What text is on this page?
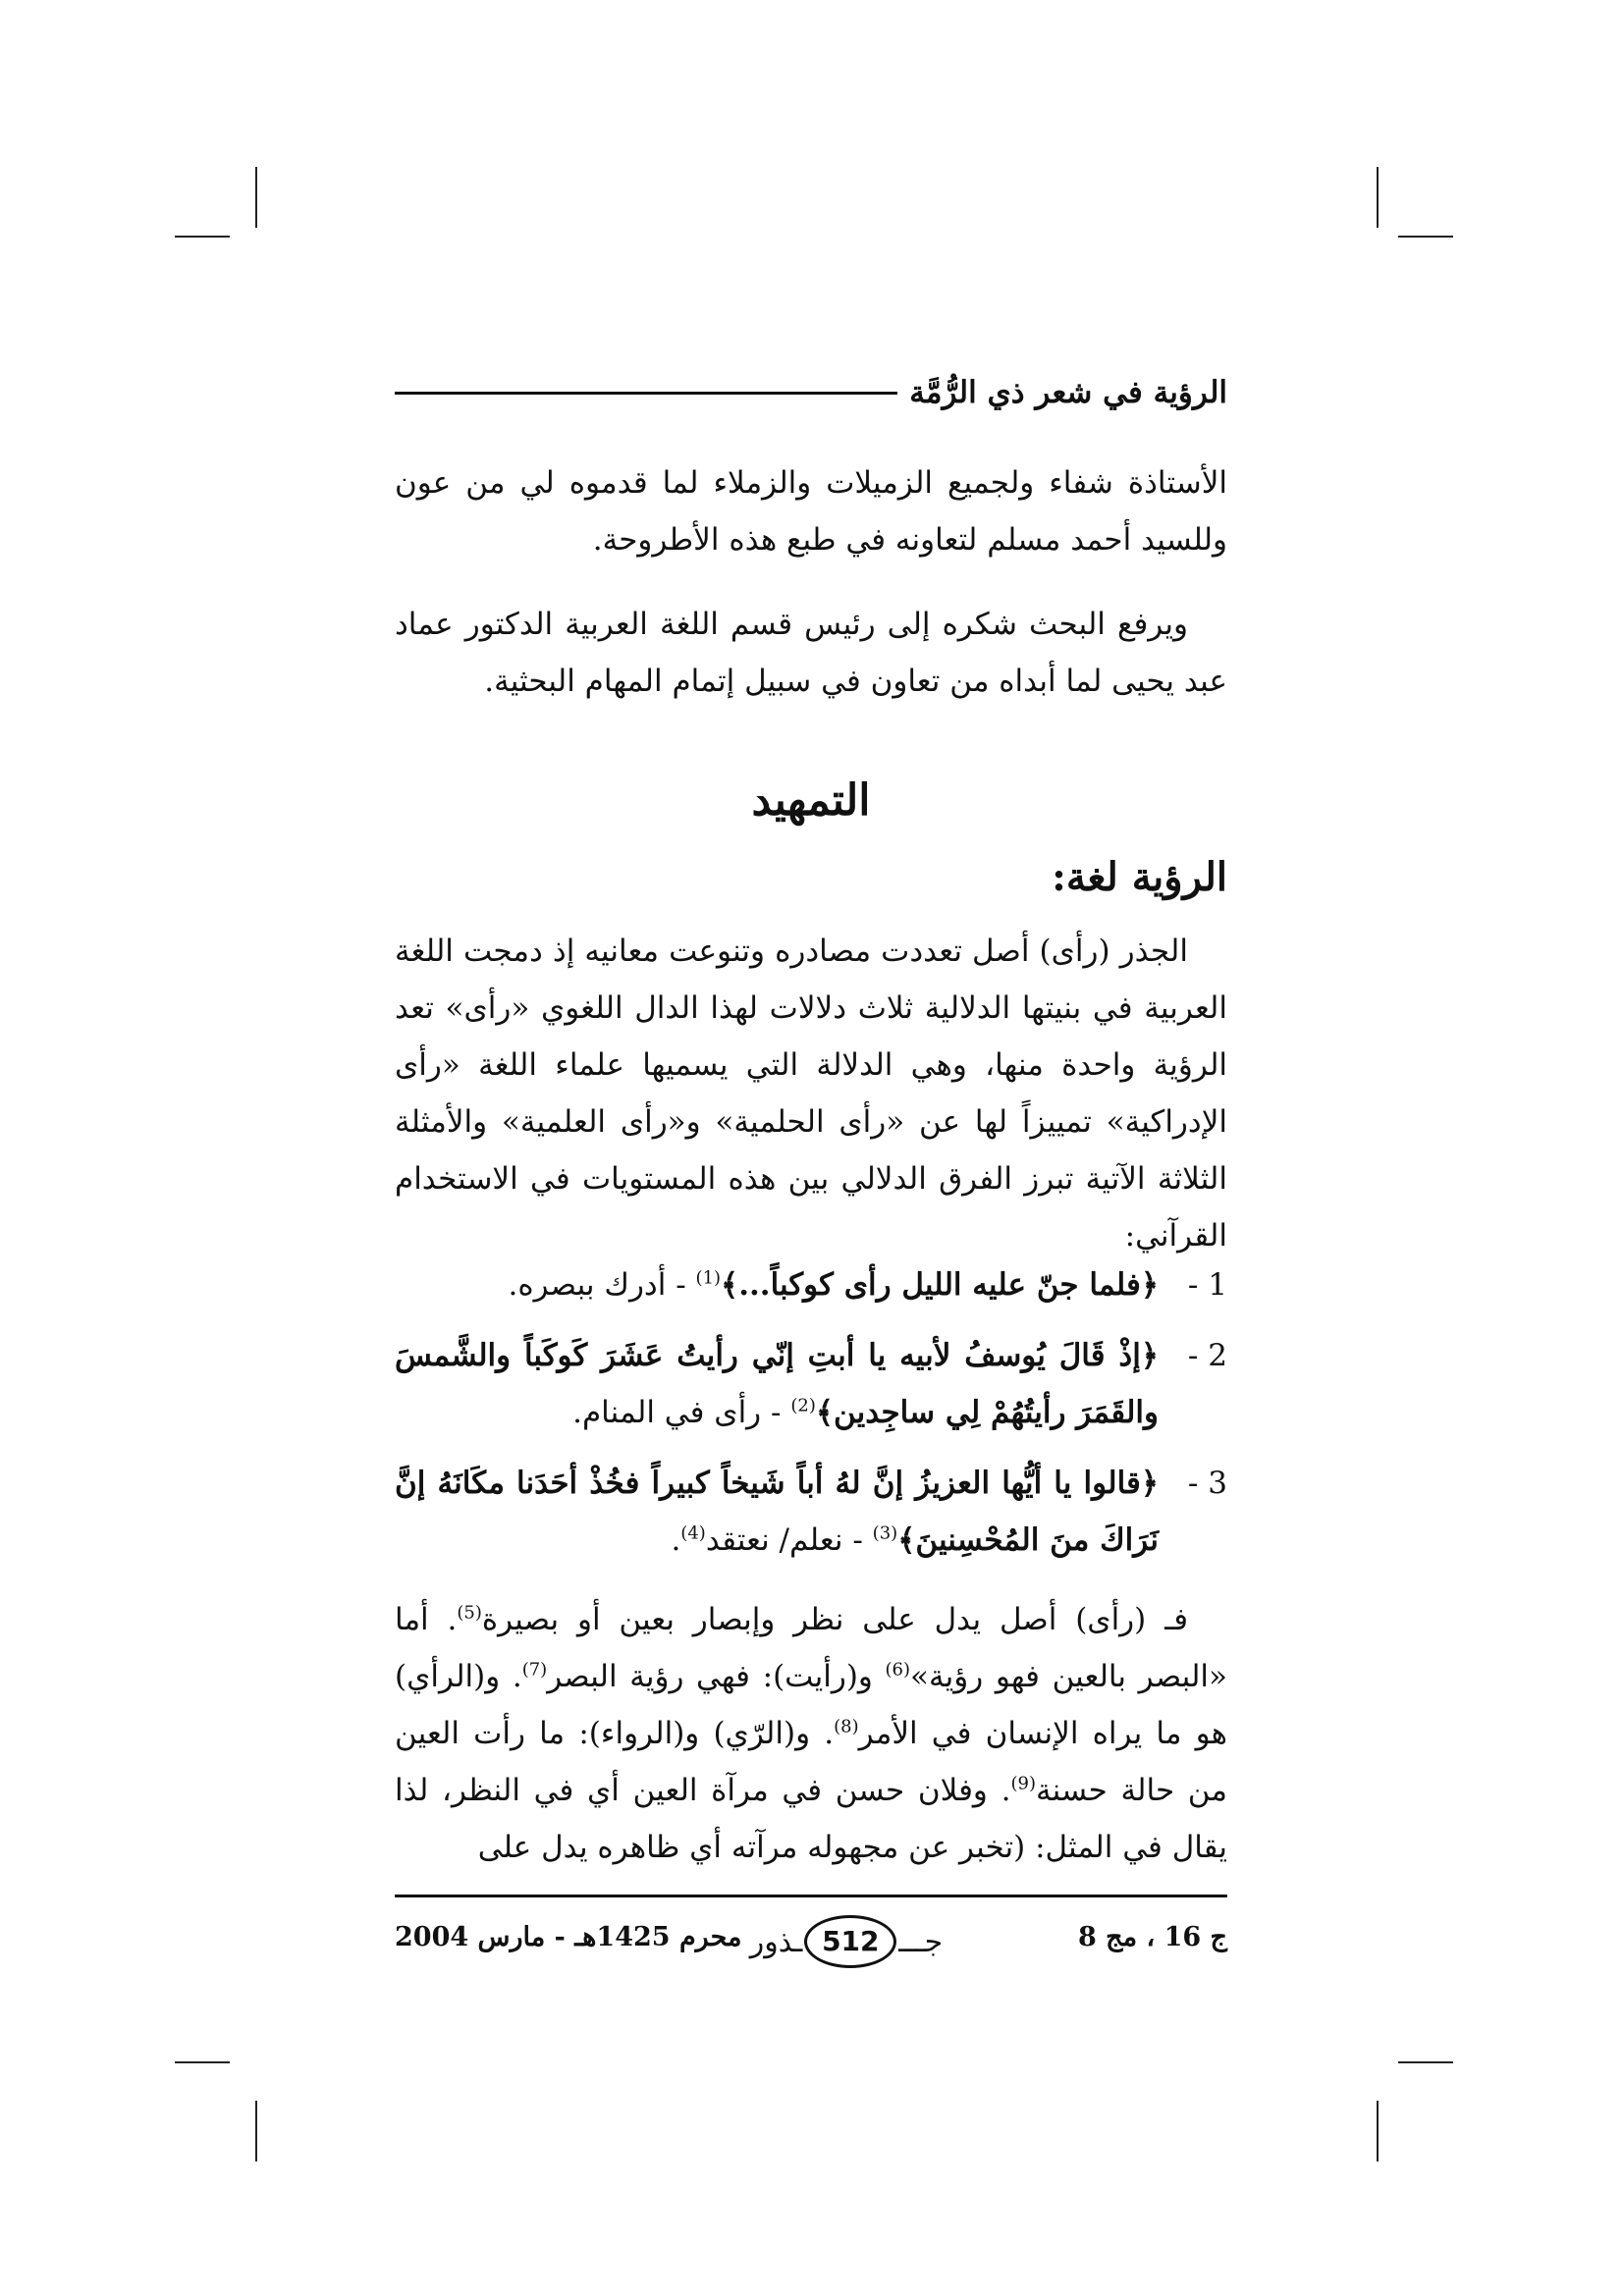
الرؤية في شعر ذي الرُّمَّة

الأستاذة شفاء ولجميع الزميلات والزملاء لما قدموه لي من عون وللسيد أحمد مسلم لتعاونه في طبع هذه الأطروحة.

ويرفع البحث شكره إلى رئيس قسم اللغة العربية الدكتور عماد عبد يحيى لما أبداه من تعاون في سبيل إتمام المهام البحثية.

التمهيد
الرؤية لغة:

الجذر (رأى) أصل تعددت مصادره وتنوعت معانيه إذ دمجت اللغة العربية في بنيتها الدلالية ثلاث دلالات لهذا الدال اللغوي «رأى» تعد الرؤية واحدة منها، وهي الدلالة التي يسميها علماء اللغة «رأى الإدراكية» تمييزاً لها عن «رأى الحلمية» و«رأى العلمية» والأمثلة الثلاثة الآتية تبرز الفرق الدلالي بين هذه المستويات في الاستخدام القرآني:

1 -
﴿فلما جنّ عليه الليل رأى كوكباً...﴾$^{(1)}$ - أدرك ببصره.
2 -
﴿إذْ قَالَ يُوسفُ لأبيه يا أبتِ إنّي رأيتُ عَشَرَ كَوكَباً والشَّمسَ والقَمَرَ رأيتُهُمْ لِي ساجِدين﴾$^{(2)}$ - رأى في المنام.
3 -
﴿قالوا يا أيُّها العزيزُ إنَّ لهُ أباً شَيخاً كبيراً فخُذْ أحَدَنا مكَانَهُ إنَّ نَرَاكَ منَ المُحْسِنينَ﴾$^{(3)}$ - نعلم/ نعتقد$^{(4)}$.

فـ (رأى) أصل يدل على نظر وإبصار بعين أو بصيرة$^{(5)}$. أما «البصر بالعين فهو رؤية»$^{(6)}$ و(رأيت): فهي رؤية البصر$^{(7)}$. و(الرأي) هو ما يراه الإنسان في الأمر$^{(8)}$. و(الرّي) و(الرواء): ما رأت العين من حالة حسنة$^{(9)}$. وفلان حسن في مرآة العين أي في النظر، لذا يقال في المثل: (تخبر عن مجهوله مرآته أي ظاهره يدل على

ج 16 ، مج 8
جـــ
512
ـذور
محرم 1425هـ - مارس 2004
